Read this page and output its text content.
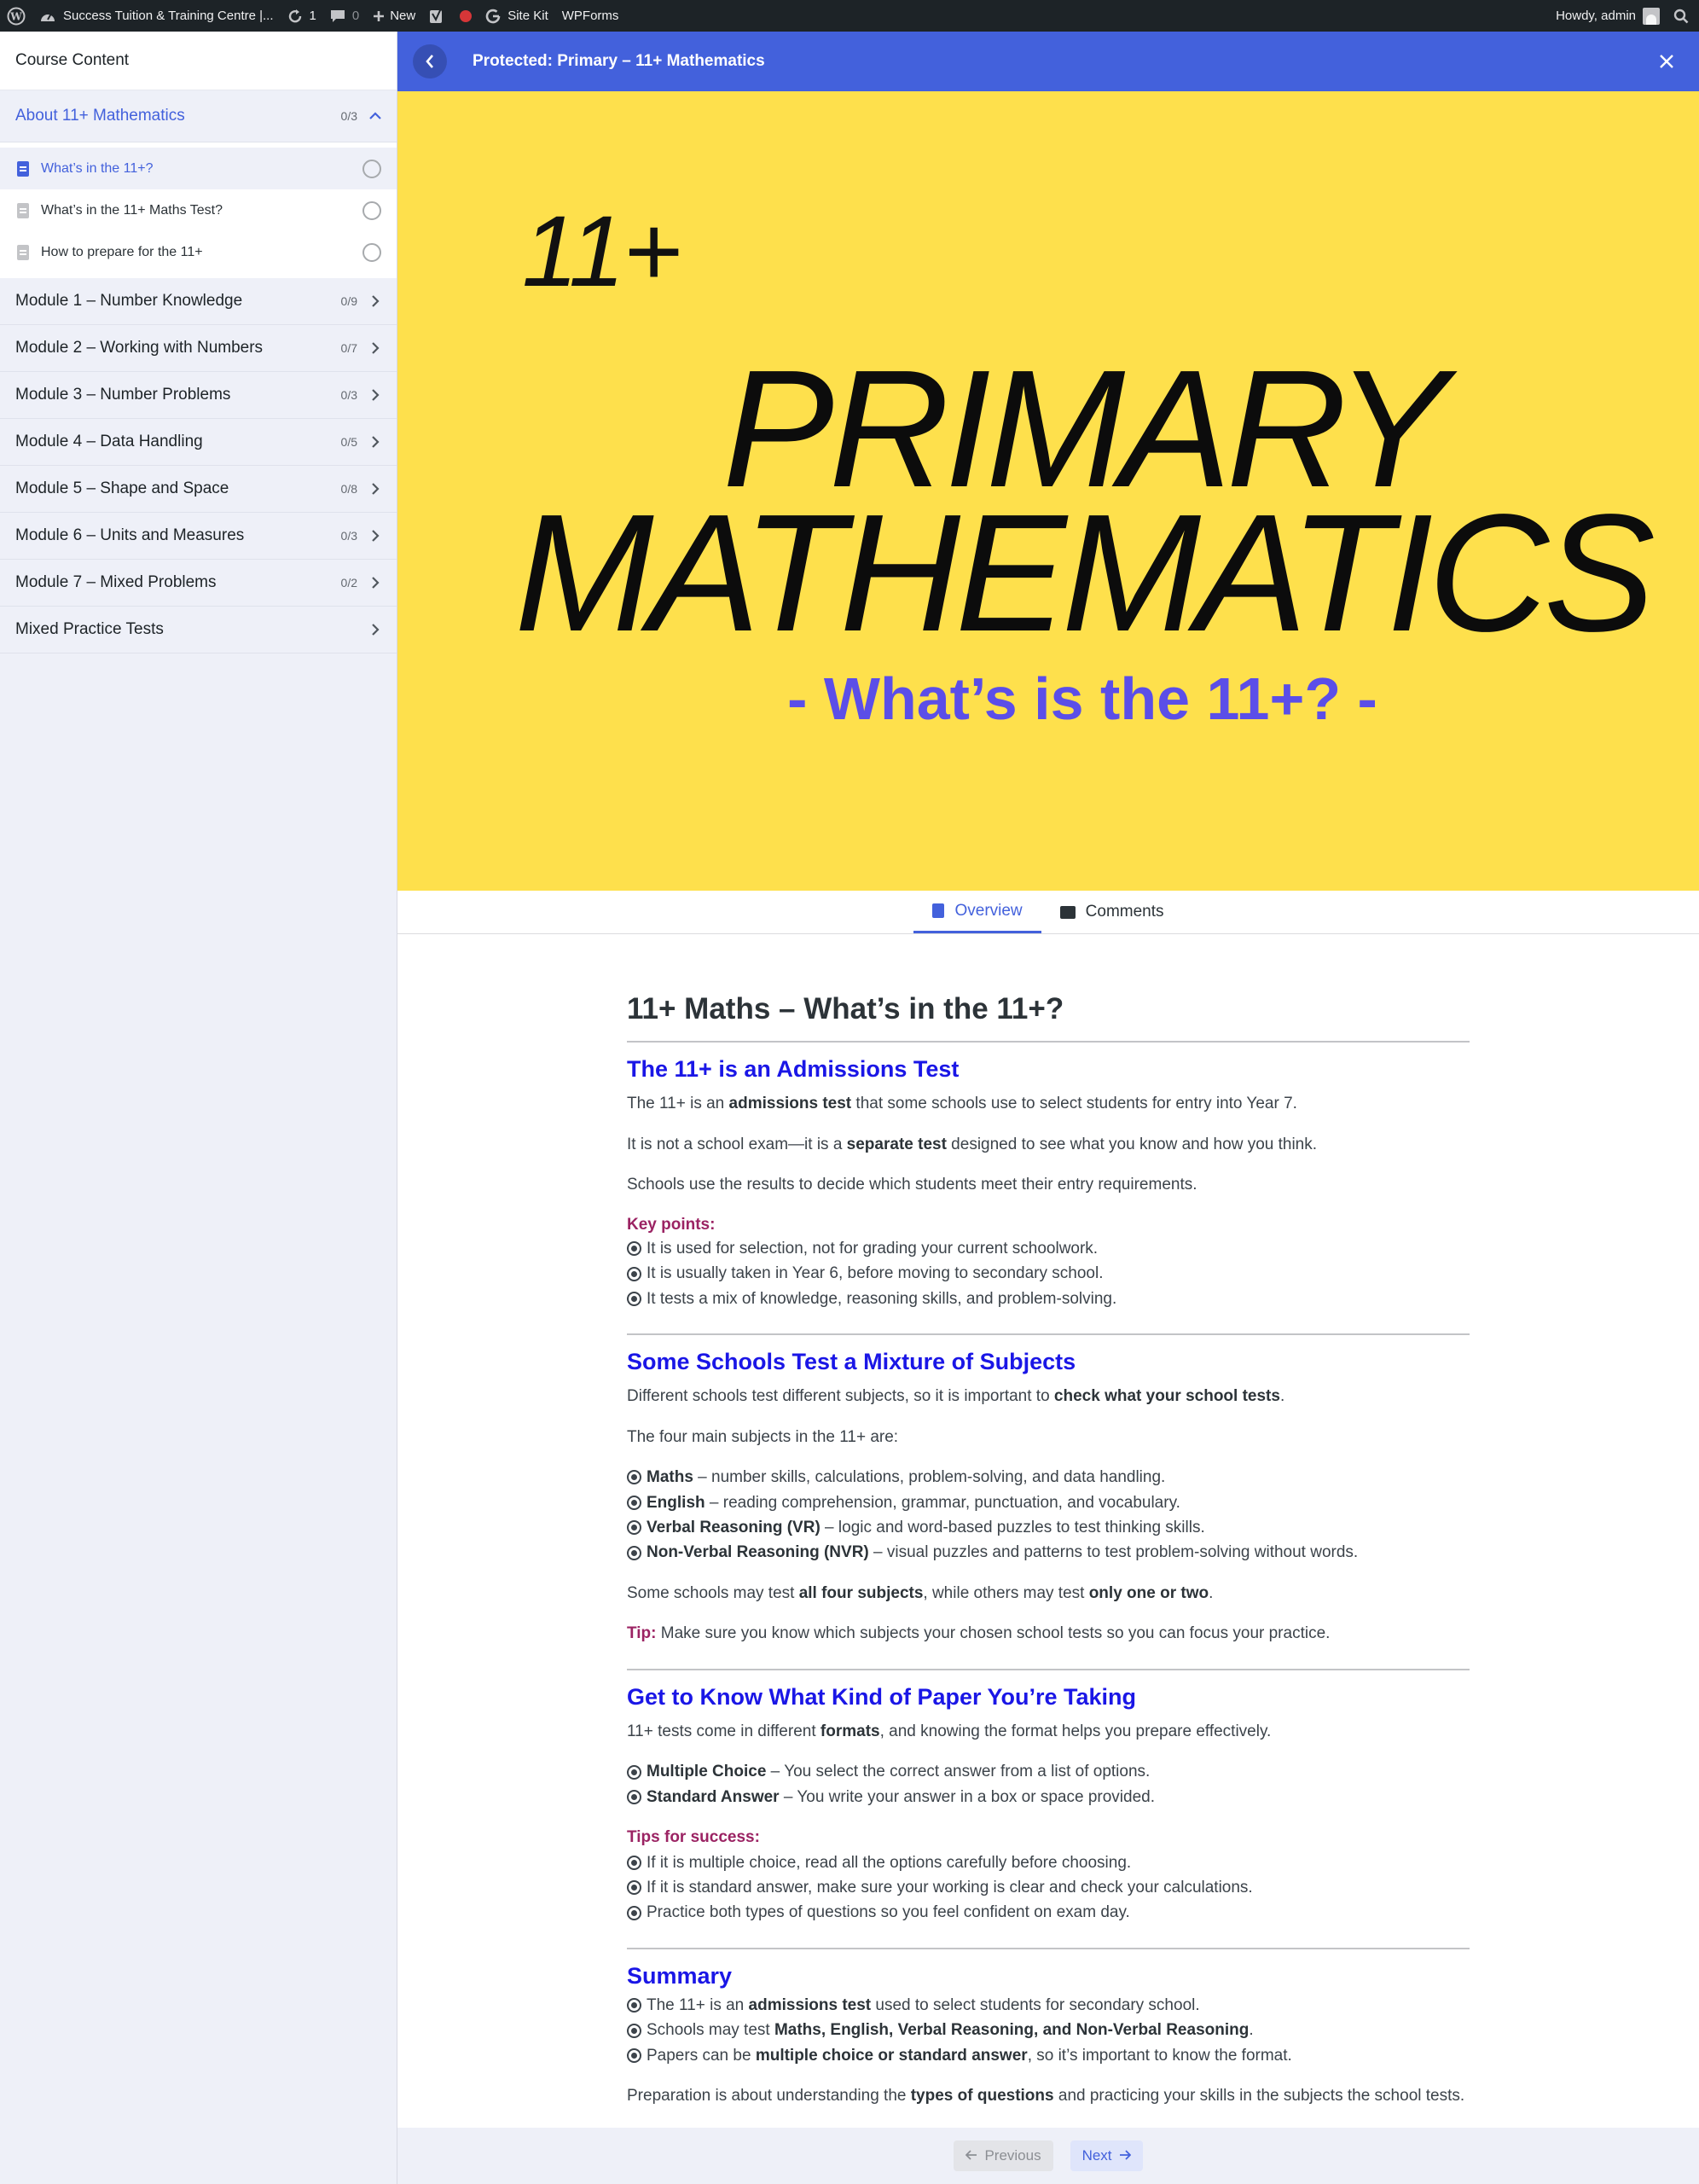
W	Success Tuition & Training Centre |...	1	0 New	Site Kit WPForms	Howdy, admin
Course Content
About 11+ Mathematics	0/3
What’s in the 11+?
What’s in the 11+ Maths Test?
How to prepare for the 11+
Module 1 – Number Knowledge	0/9
Module 2 – Working with Numbers	0/7
Module 3 – Number Problems	0/3
Module 4 – Data Handling	0/5
Module 5 – Shape and Space	0/8
Module 6 – Units and Measures	0/3
Module 7 – Mixed Problems	0/2
Mixed Practice Tests
Protected: Primary – 11+ Mathematics
11+
PRIMARY
MATHEMATICS
- What’s is the 11+? -
Overview	Comments
11+ Maths – What’s in the 11+?
The 11+ is an Admissions Test

The 11+ is an admissions test that some schools use to select students for entry into Year 7.

It is not a school exam—it is a separate test designed to see what you know and how you think.

Schools use the results to decide which students meet their entry requirements.

Key points:

It is used for selection, not for grading your current schoolwork.
It is usually taken in Year 6, before moving to secondary school.
It tests a mix of knowledge, reasoning skills, and problem-solving.
Some Schools Test a Mixture of Subjects

Different schools test different subjects, so it is important to check what your school tests.

The four main subjects in the 11+ are:

Maths – number skills, calculations, problem-solving, and data handling.
English – reading comprehension, grammar, punctuation, and vocabulary.
Verbal Reasoning (VR) – logic and word-based puzzles to test thinking skills.
Non-Verbal Reasoning (NVR) – visual puzzles and patterns to test problem-solving without words.

Some schools may test all four subjects, while others may test only one or two.

Tip: Make sure you know which subjects your chosen school tests so you can focus your practice.

Get to Know What Kind of Paper You’re Taking

11+ tests come in different formats, and knowing the format helps you prepare effectively.

Multiple Choice – You select the correct answer from a list of options.
Standard Answer – You write your answer in a box or space provided.

Tips for success:

If it is multiple choice, read all the options carefully before choosing.
If it is standard answer, make sure your working is clear and check your calculations.
Practice both types of questions so you feel confident on exam day.
Summary
The 11+ is an admissions test used to select students for secondary school.
Schools may test Maths, English, Verbal Reasoning, and Non-Verbal Reasoning.
Papers can be multiple choice or standard answer, so it’s important to know the format.

Preparation is about understanding the types of questions and practicing your skills in the subjects the school tests.

Previous	Next
